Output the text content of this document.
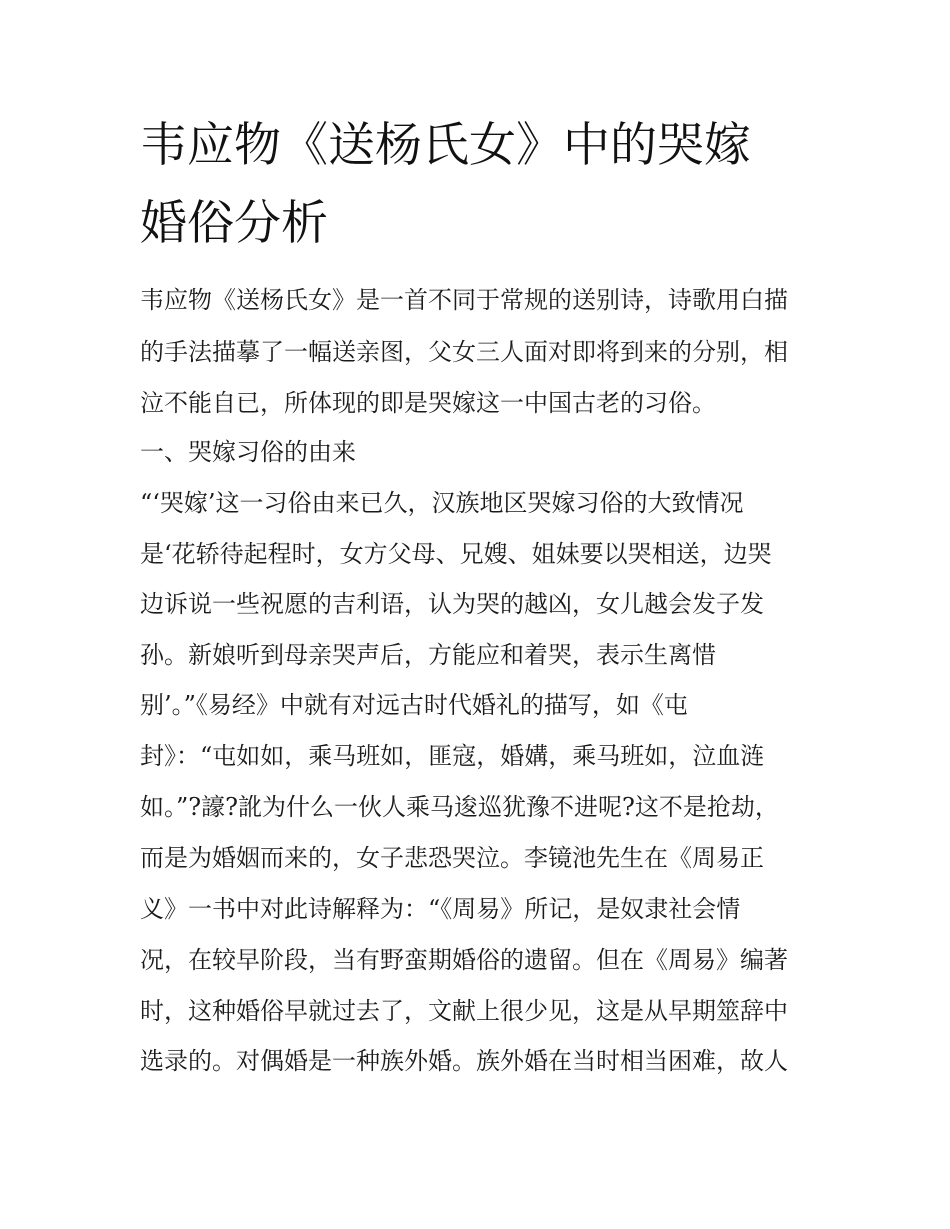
韦应物《送杨氏女》中的哭嫁
婚俗分析
韦应物《送杨氏女》是一首不同于常规的送别诗，诗歌用白描
的手法描摹了一幅送亲图，父女三人面对即将到来的分别，相
泣不能自已，所体现的即是哭嫁这一中国古老的习俗。
一、哭嫁习俗的由来
“‘哭嫁’这一习俗由来已久，汉族地区哭嫁习俗的大致情况
是‘花轿待起程时，女方父母、兄嫂、姐妹要以哭相送，边哭
边诉说一些祝愿的吉利语，认为哭的越凶，女儿越会发子发
孙。新娘听到母亲哭声后，方能应和着哭，表示生离惜
别’。”《易经》中就有对远古时代婚礼的描写，如《屯
封》：“屯如如，乘马班如，匪寇，婚媾，乘马班如，泣血涟
如。”?譹?訛为什么一伙人乘马逡巡犹豫不进呢?这不是抢劫，
而是为婚姻而来的，女子悲恐哭泣。李镜池先生在《周易正
义》一书中对此诗解释为：“《周易》所记，是奴隶社会情
况，在较早阶段，当有野蛮期婚俗的遗留。但在《周易》编著
时，这种婚俗早就过去了，文献上很少见，这是从早期筮辞中
选录的。对偶婚是一种族外婚。族外婚在当时相当困难，故人
